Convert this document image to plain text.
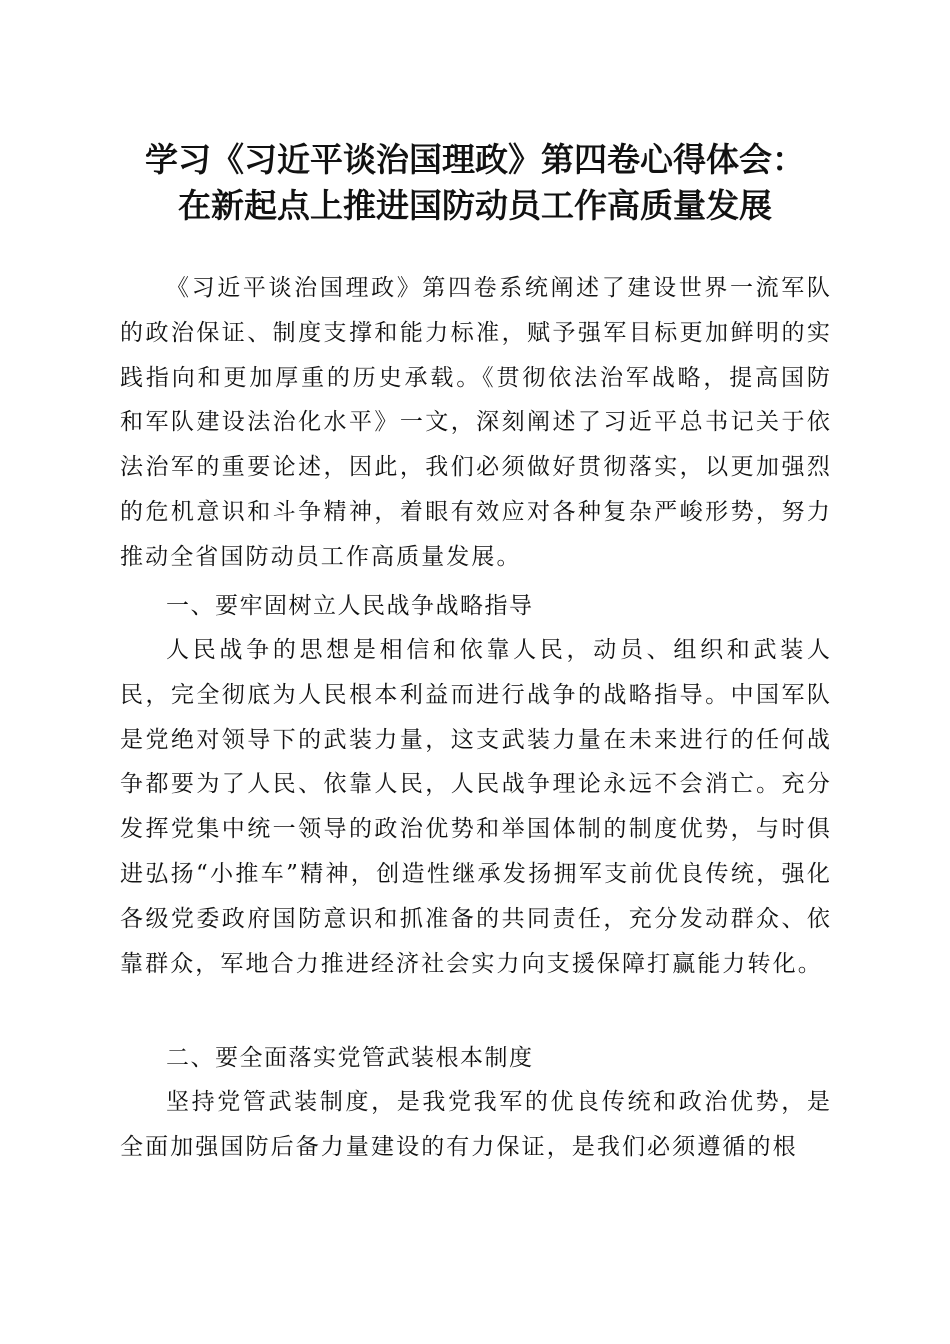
学习《习近平谈治国理政》第四卷心得体会：
在新起点上推进国防动员工作高质量发展

《习近平谈治国理政》第四卷系统阐述了建设世界一流军队的政治保证、制度支撑和能力标准，赋予强军目标更加鲜明的实践指向和更加厚重的历史承载。《贯彻依法治军战略，提高国防和军队建设法治化水平》一文，深刻阐述了习近平总书记关于依法治军的重要论述，因此，我们必须做好贯彻落实，以更加强烈的危机意识和斗争精神，着眼有效应对各种复杂严峻形势，努力推动全省国防动员工作高质量发展。

一、要牢固树立人民战争战略指导

人民战争的思想是相信和依靠人民，动员、组织和武装人民，完全彻底为人民根本利益而进行战争的战略指导。中国军队是党绝对领导下的武装力量，这支武装力量在未来进行的任何战争都要为了人民、依靠人民，人民战争理论永远不会消亡。充分发挥党集中统一领导的政治优势和举国体制的制度优势，与时俱进弘扬“小推车”精神，创造性继承发扬拥军支前优良传统，强化各级党委政府国防意识和抓准备的共同责任，充分发动群众、依靠群众，军地合力推进经济社会实力向支援保障打赢能力转化。

二、要全面落实党管武装根本制度

坚持党管武装制度，是我党我军的优良传统和政治优势，是全面加强国防后备力量建设的有力保证，是我们必须遵循的根
